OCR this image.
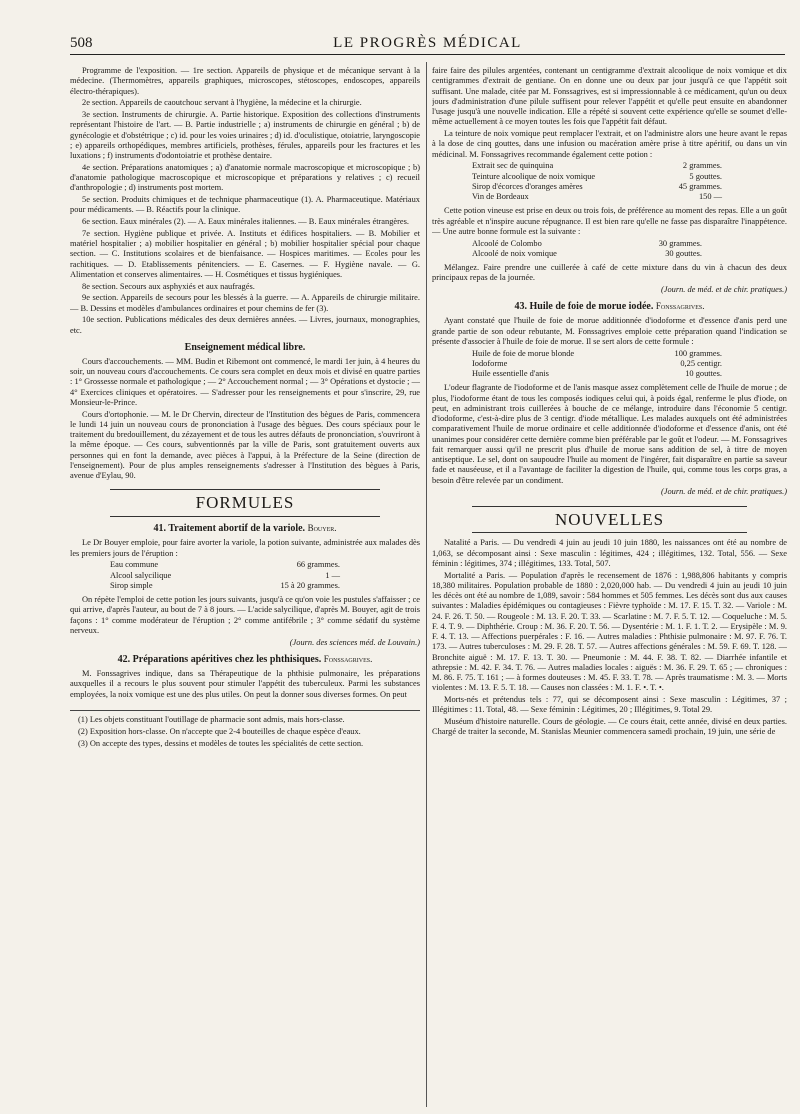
508	LE PROGRÈS MÉDICAL

Programme de l'exposition. — 1re section. Appareils de physique et de mécanique servant à la médecine. (Thermomètres, appareils graphiques, microscopes, stétoscopes, endoscopes, appareils électro-thérapiques).

2e section. Appareils de caoutchouc servant à l'hygiène, la médecine et la chirurgie.

3e section. Instruments de chirurgie. A. Partie historique. Exposition des collections d'instruments représentant l'histoire de l'art. — B. Partie industrielle ; a) instruments de chirurgie en général ; b) de gynécologie et d'obstétrique ; c) id. pour les voies urinaires ; d) id. d'oculistique, otoiatrie, laryngoscopie ; e) appareils orthopédiques, membres artificiels, prothèses, férules, appareils pour les fractures et les luxations ; f) instruments d'odontoiatrie et prothèse dentaire.

4e section. Préparations anatomiques ; a) d'anatomie normale macroscopique et microscopique ; b) d'anatomie pathologique macroscopique et microscopique et préparations y relatives ; c) recueil d'anthropologie ; d) instruments post mortem.

5e section. Produits chimiques et de technique pharmaceutique (1). A. Pharmaceutique. Matériaux pour médicaments. — B. Réactifs pour la clinique.

6e section. Eaux minérales (2). — A. Eaux minérales italiennes. — B. Eaux minérales étrangères.

7e section. Hygiène publique et privée. A. Instituts et édifices hospitaliers. — B. Mobilier et matériel hospitalier ; a) mobilier hospitalier en général ; b) mobilier hospitalier spécial pour chaque section. — C. Institutions scolaires et de bienfaisance. — Hospices maritimes. — Ecoles pour les rachitiques. — D. Etablissements pénitenciers. — E. Casernes. — F. Hygiène navale. — G. Alimentation et conserves alimentaires. — H. Cosmétiques et tissus hygiéniques.

8e section. Secours aux asphyxiés et aux naufragés.

9e section. Appareils de secours pour les blessés à la guerre. — A. Appareils de chirurgie militaire. — B. Dessins et modèles d'ambulances ordinaires et pour chemins de fer (3).

10e section. Publications médicales des deux dernières années. — Livres, journaux, monographies, etc.

Enseignement médical libre.

Cours d'accouchements. — MM. Budin et Ribemont ont commencé, le mardi 1er juin, à 4 heures du soir, un nouveau cours d'accouchements. Ce cours sera complet en deux mois et divisé en quatre parties : 1° Grossesse normale et pathologique ; — 2° Accouchement normal ; — 3° Opérations et dystocie ; — 4° Exercices cliniques et opératoires. — S'adresser pour les renseignements et pour s'inscrire, 29, rue Monsieur-le-Prince.

Cours d'ortophonie. — M. le Dr Chervin, directeur de l'Institution des bègues de Paris, commencera le lundi 14 juin un nouveau cours de prononciation à l'usage des bègues. Des cours spéciaux pour le traitement du bredouillement, du zézayement et de tous les autres défauts de prononciation, s'ouvriront à la même époque. — Ces cours, subventionnés par la ville de Paris, sont gratuitement ouverts aux personnes qui en font la demande, avec pièces à l'appui, à la Préfecture de la Seine (direction de l'enseignement). Pour de plus amples renseignements s'adresser à l'Institution des bègues à Paris, avenue d'Eylau, 90.

FORMULES
41. Traitement abortif de la variole. Bouyer.

Le Dr Bouyer emploie, pour faire avorter la variole, la potion suivante, administrée aux malades dès les premiers jours de l'éruption :

Eau commune	66 grammes.
Alcool salycilique	1 —
Sirop simple	15 à 20 grammes.

On répète l'emploi de cette potion les jours suivants, jusqu'à ce qu'on voie les pustules s'affaisser ; ce qui arrive, d'après l'auteur, au bout de 7 à 8 jours. — L'acide salycilique, d'après M. Bouyer, agit de trois façons : 1° comme modérateur de l'éruption ; 2° comme antifébrile ; 3° comme sédatif du système nerveux.

(Journ. des sciences méd. de Louvain.)
42. Préparations apéritives chez les phthisiques. Fonssagrives.

M. Fonssagrives indique, dans sa Thérapeutique de la phthisie pulmonaire, les préparations auxquelles il a recours le plus souvent pour stimuler l'appétit des tuberculeux. Parmi les substances employées, la noix vomique est une des plus utiles. On peut la donner sous diverses formes. On peut

(1) Les objets constituant l'outillage de pharmacie sont admis, mais hors-classe.

(2) Exposition hors-classe. On n'accepte que 2-4 bouteilles de chaque espèce d'eaux.

(3) On accepte des types, dessins et modèles de toutes les spécialités de cette section.

faire faire des pilules argentées, contenant un centigramme d'extrait alcoolique de noix vomique et dix centigrammes d'extrait de gentiane. On en donne une ou deux par jour jusqu'à ce que l'appétit soit suffisant. Une malade, citée par M. Fonssagrives, est si impressionnable à ce médicament, qu'un ou deux jours d'administration d'une pilule suffisent pour relever l'appétit et qu'elle peut ensuite en abandonner l'usage jusqu'à une nouvelle indication. Elle a répété si souvent cette expérience qu'elle se soumet d'elle-même actuellement à ce moyen toutes les fois que l'appétit fait défaut.

La teinture de noix vomique peut remplacer l'extrait, et on l'administre alors une heure avant le repas à la dose de cinq gouttes, dans une infusion ou macération amère prise à titre apéritif, ou dans un vin médicinal. M. Fonssagrives recommande également cette potion :

Extrait sec de quinquina	2 grammes.
Teinture alcoolique de noix vomique	5 gouttes.
Sirop d'écorces d'oranges amères	45 grammes.
Vin de Bordeaux	150 —

Cette potion vineuse est prise en deux ou trois fois, de préférence au moment des repas. Elle a un goût très agréable et n'inspire aucune répugnance. Il est bien rare qu'elle ne fasse pas disparaître l'inappétence. — Une autre bonne formule est la suivante :

Alcoolé de Colombo	30 grammes.
Alcoolé de noix vomique	30 gouttes.

Mélangez. Faire prendre une cuillerée à café de cette mixture dans du vin à chacun des deux principaux repas de la journée.

(Journ. de méd. et de chir. pratiques.)
43. Huile de foie de morue iodée. Fonssagrives.

Ayant constaté que l'huile de foie de morue additionnée d'iodoforme et d'essence d'anis perd une grande partie de son odeur rebutante, M. Fonssagrives emploie cette préparation quand l'indication se présente d'associer à l'huile de foie de morue. Il se sert alors de cette formule :

Huile de foie de morue blonde	100 grammes.
Iodoforme	0,25 centigr.
Huile essentielle d'anis	10 gouttes.

L'odeur flagrante de l'iodoforme et de l'anis masque assez complètement celle de l'huile de morue ; de plus, l'iodoforme étant de tous les composés iodiques celui qui, à poids égal, renferme le plus d'iode, on peut, en administrant trois cuillerées à bouche de ce mélange, introduire dans l'économie 5 centigr. d'iodoforme, c'est-à-dire plus de 3 centigr. d'iode métallique. Les malades auxquels ont été administrées comparativement l'huile de morue ordinaire et celle additionnée d'iodoforme et d'essence d'anis, ont été unanimes pour considérer cette dernière comme bien préférable par le goût et l'odeur. — M. Fonssagrives fait remarquer aussi qu'il ne prescrit plus d'huile de morue sans addition de sel, à titre de moyen antiseptique. Le sel, dont on saupoudre l'huile au moment de l'ingérer, fait disparaître en partie sa saveur fade et nauséeuse, et il a l'avantage de faciliter la digestion de l'huile, qui, comme tous les corps gras, a besoin d'être relevée par un condiment.

(Journ. de méd. et de chir. pratiques.)
NOUVELLES

Natalité a Paris. — Du vendredi 4 juin au jeudi 10 juin 1880, les naissances ont été au nombre de 1,063, se décomposant ainsi : Sexe masculin : légitimes, 424 ; illégitimes, 132. Total, 556. — Sexe féminin : légitimes, 374 ; illégitimes, 133. Total, 507.

Mortalité a Paris. — Population d'après le recensement de 1876 : 1,988,806 habitants y compris 18,380 militaires. Population probable de 1880 : 2,020,000 hab. — Du vendredi 4 juin au jeudi 10 juin les décès ont été au nombre de 1,089, savoir : 584 hommes et 505 femmes. Les décès sont dus aux causes suivantes : Maladies épidémiques ou contagieuses : Fièvre typhoïde : M. 17. F. 15. T. 32. — Variole : M. 24. F. 26. T. 50. — Rougeole : M. 13. F. 20. T. 33. — Scarlatine : M. 7. F. 5. T. 12. — Coqueluche : M. 5. F. 4. T. 9. — Diphthérie. Croup : M. 36. F. 20. T. 56. — Dysentérie : M. 1. F. 1. T. 2. — Erysipèle : M. 9. F. 4. T. 13. — Affections puerpérales : F. 16. — Autres maladies : Phthisie pulmonaire : M. 97. F. 76. T. 173. — Autres tuberculoses : M. 29. F. 28. T. 57. — Autres affections générales : M. 59. F. 69. T. 128. — Bronchite aiguë : M. 17. F. 13. T. 30. — Pneumonie : M. 44. F. 38. T. 82. — Diarrhée infantile et athrepsie : M. 42. F. 34. T. 76. — Autres maladies locales : aiguës : M. 36. F. 29. T. 65 ; — chroniques : M. 86. F. 75. T. 161 ; — à formes douteuses : M. 45. F. 33. T. 78. — Après traumatisme : M. 3. — Morts violentes : M. 13. F. 5. T. 18. — Causes non classées : M. 1. F. •. T. •.

Morts-nés et prétendus tels : 77, qui se décomposent ainsi : Sexe masculin : Légitimes, 37 ; Illégitimes : 11. Total, 48. — Sexe féminin : Légitimes, 20 ; Illégitimes, 9. Total 29.

Muséum d'histoire naturelle. Cours de géologie. — Ce cours était, cette année, divisé en deux parties. Chargé de traiter la seconde, M. Stanislas Meunier commencera samedi prochain, 19 juin, une série de
